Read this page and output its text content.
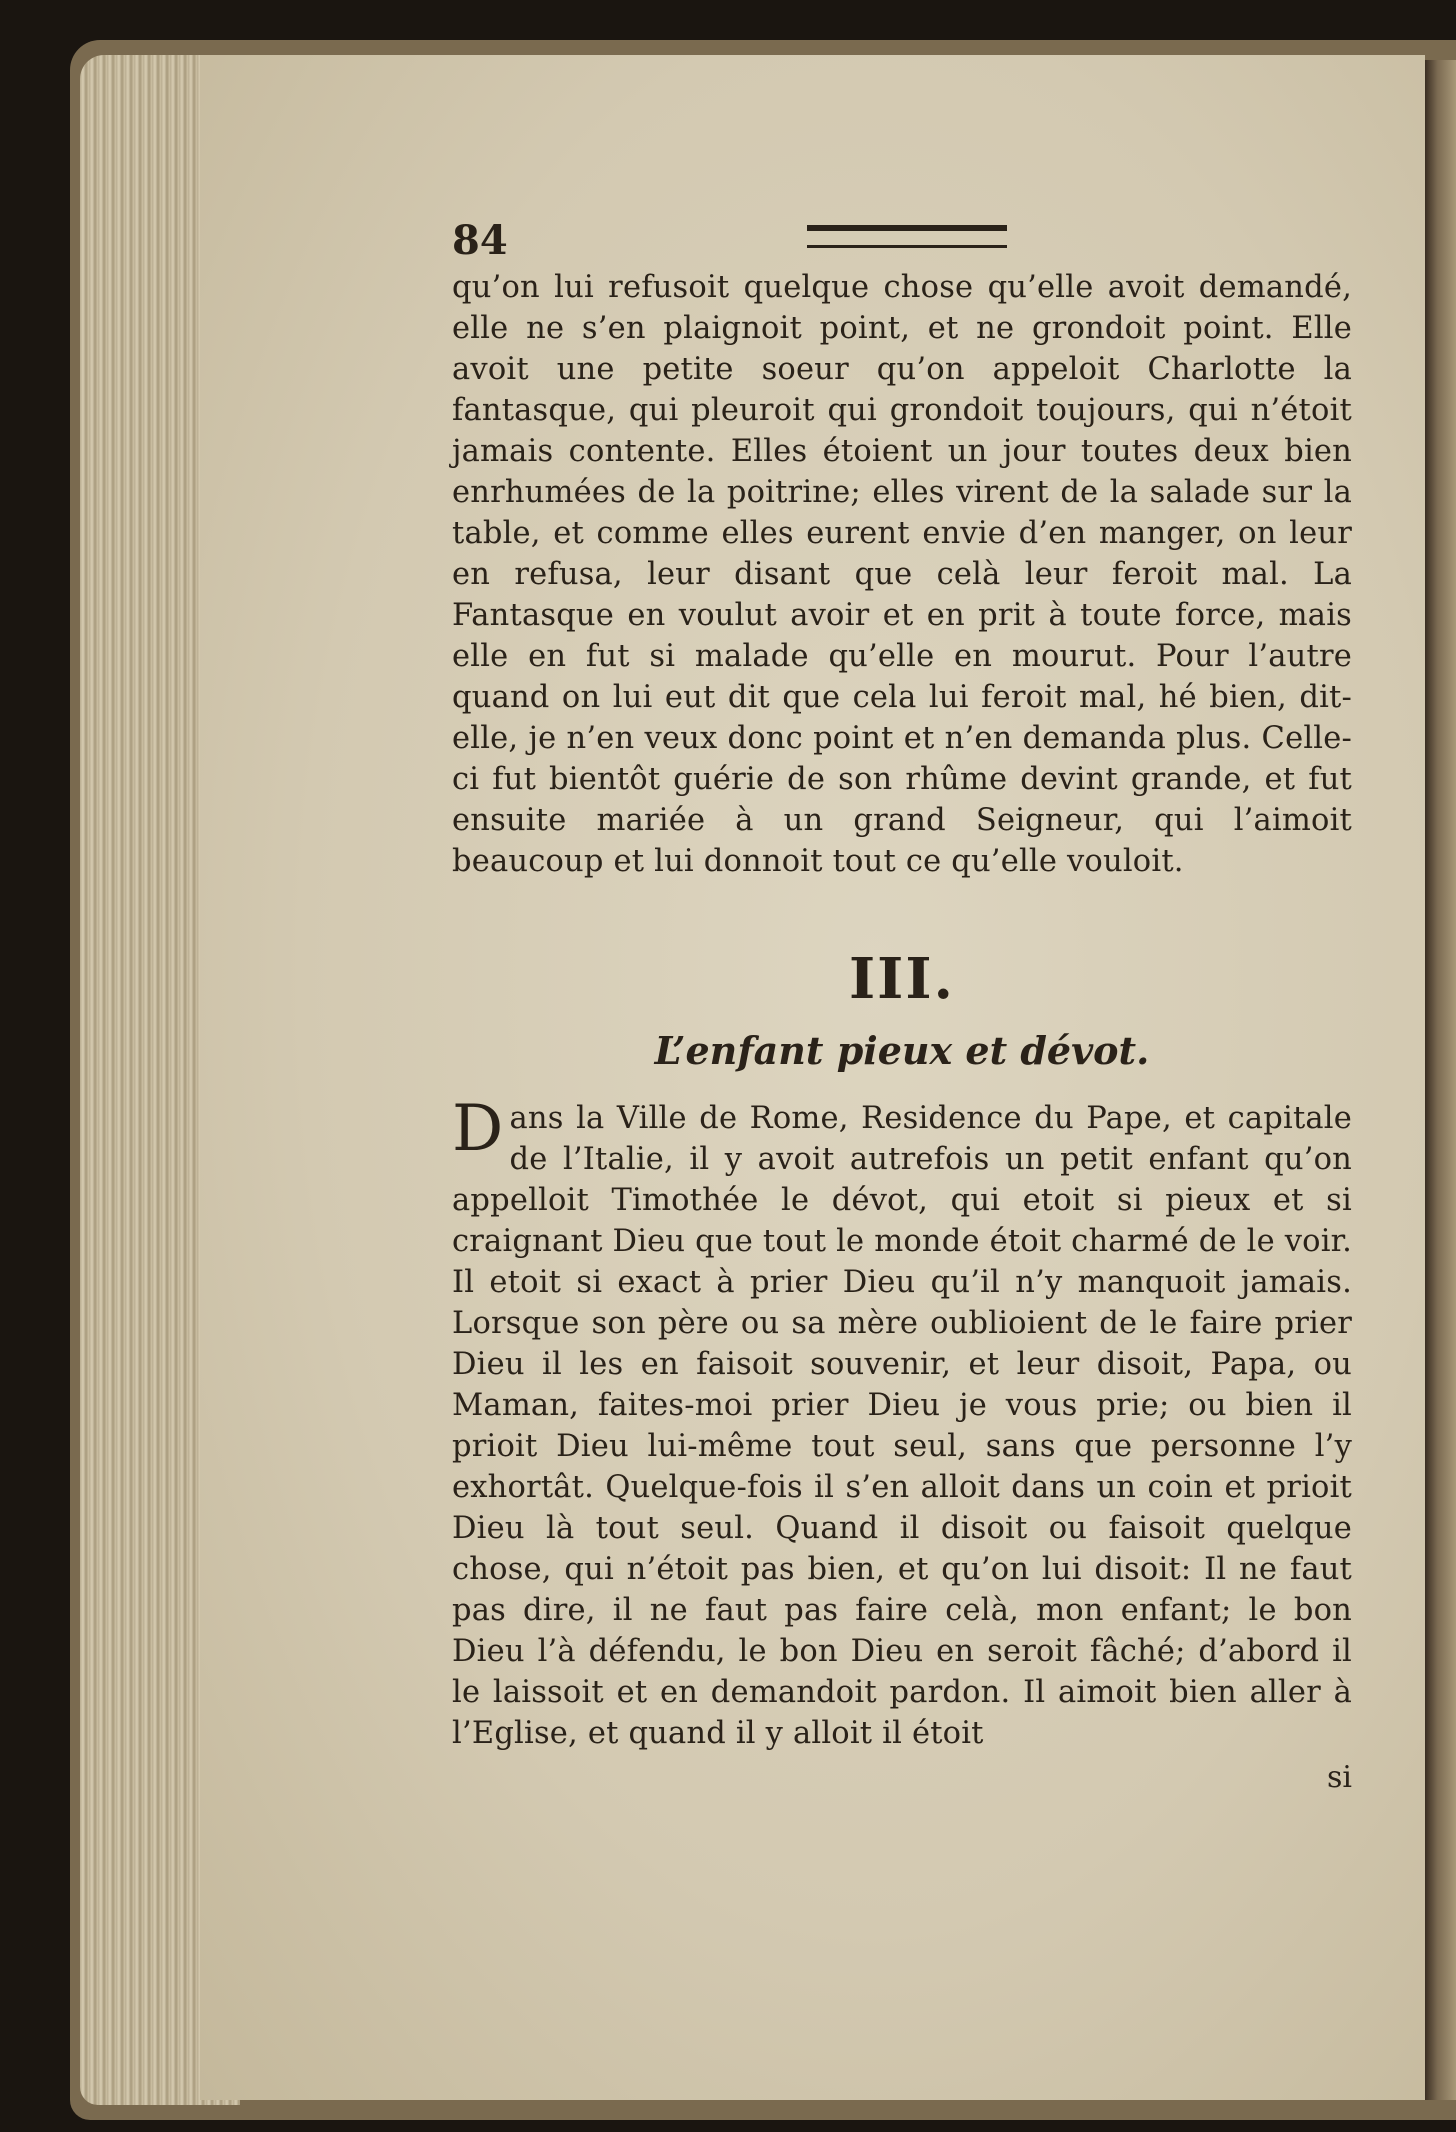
84

qu’on lui refusoit quelque chose qu’elle avoit demandé, elle ne s’en plaignoit point, et ne grondoit point. Elle avoit une petite soeur qu’on appeloit Charlotte la fantasque, qui pleuroit qui grondoit toujours, qui n’étoit jamais contente. Elles étoient un jour toutes deux bien enrhumées de la poitrine; elles virent de la salade sur la table, et comme elles eurent envie d’en manger, on leur en refusa, leur disant que celà leur feroit mal. La Fantasque en voulut avoir et en prit à toute force, mais elle en fut si malade qu’elle en mourut. Pour l’autre quand on lui eut dit que cela lui feroit mal, hé bien, dit-elle, je n’en veux donc point et n’en demanda plus. Celle-ci fut bientôt guérie de son rhûme devint grande, et fut ensuite mariée à un grand Seigneur, qui l’aimoit beaucoup et lui donnoit tout ce qu’elle vouloit.

III.
L’enfant pieux et dévot.

Dans la Ville de Rome, Residence du Pape, et capitale de l’Italie, il y avoit autrefois un petit enfant qu’on appelloit Timothée le dévot, qui etoit si pieux et si craignant Dieu que tout le monde étoit charmé de le voir. Il etoit si exact à prier Dieu qu’il n’y manquoit jamais. Lorsque son père ou sa mère oublioient de le faire prier Dieu il les en faisoit souvenir, et leur disoit, Papa, ou Maman, faites-moi prier Dieu je vous prie; ou bien il prioit Dieu lui-même tout seul, sans que personne l’y exhortât. Quelque-fois il s’en alloit dans un coin et prioit Dieu là tout seul. Quand il disoit ou faisoit quelque chose, qui n’étoit pas bien, et qu’on lui disoit: Il ne faut pas dire, il ne faut pas faire celà, mon enfant; le bon Dieu l’à défendu, le bon Dieu en seroit fâché; d’abord il le laissoit et en demandoit pardon. Il aimoit bien aller à l’Eglise, et quand il y alloit il étoit

si
